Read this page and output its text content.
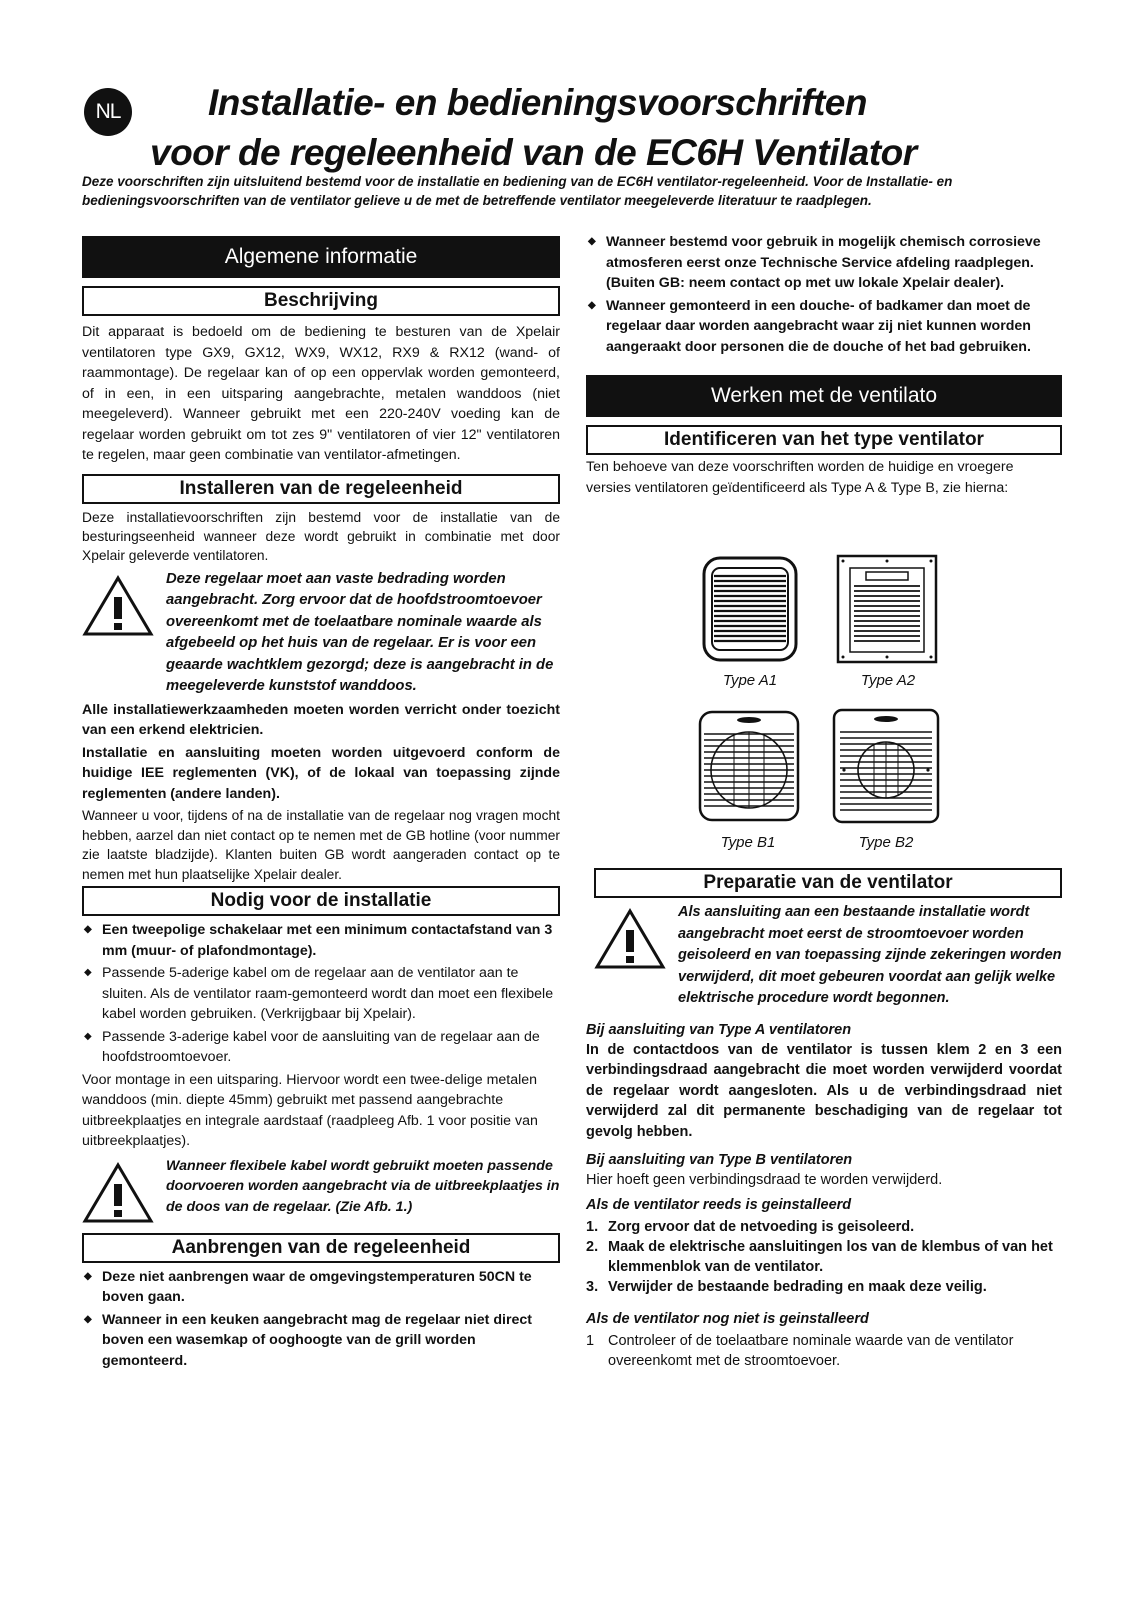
NL	Installatie- en bedieningsvoorschriften
voor de regeleenheid van de EC6H Ventilator
Deze voorschriften zijn uitsluitend bestemd voor de installatie en bediening van de EC6H ventilator-regeleenheid. Voor de Installatie- en bedieningsvoorschriften van de ventilator gelieve u de met de betreffende ventilator meegeleverde literatuur te raadplegen.
Algemene informatie
Beschrijving

Dit apparaat is bedoeld om de bediening te besturen van de Xpelair ventilatoren type GX9, GX12, WX9, WX12, RX9 & RX12 (wand- of raammontage). De regelaar kan of op een oppervlak worden gemonteerd, of in een, in een uitsparing aangebrachte, metalen wanddoos (niet meegeleverd). Wanneer gebruikt met een 220-240V voeding kan de regelaar worden gebruikt om tot zes 9" ventilatoren of vier 12" ventilatoren te regelen, maar geen combinatie van ventilator-afmetingen.

Installeren van de regeleenheid

Deze installatievoorschriften zijn bestemd voor de installatie van de besturingseenheid wanneer deze wordt gebruikt in combinatie met door Xpelair geleverde ventilatoren.

Deze regelaar moet aan vaste bedrading worden aangebracht. Zorg ervoor dat de hoofdstroomtoevoer overeenkomt met de toelaatbare nominale waarde als afgebeeld op het huis van de regelaar. Er is voor een geaarde wachtklem gezorgd; deze is aangebracht in de meegeleverde kunststof wanddoos.

Alle installatiewerkzaamheden moeten worden verricht onder toezicht van een erkend elektricien.

Installatie en aansluiting moeten worden uitgevoerd conform de huidige IEE reglementen (VK), of de lokaal van toepassing zijnde reglementen (andere landen).

Wanneer u voor, tijdens of na de installatie van de regelaar nog vragen mocht hebben, aarzel dan niet contact op te nemen met de GB hotline (voor nummer zie laatste bladzijde). Klanten buiten GB wordt aangeraden contact op te nemen met hun plaatselijke Xpelair dealer.

Nodig voor de installatie
◆ Een tweepolige schakelaar met een minimum contactafstand van 3 mm (muur- of plafondmontage).
◆ Passende 5-aderige kabel om de regelaar aan de ventilator aan te sluiten. Als de ventilator raam-gemonteerd wordt dan moet een flexibele kabel worden gebruiken. (Verkrijgbaar bij Xpelair).
◆ Passende 3-aderige kabel voor de aansluiting van de regelaar aan de hoofdstroomtoevoer.

Voor montage in een uitsparing. Hiervoor wordt een twee-delige metalen wanddoos (min. diepte 45mm) gebruikt met passend aangebrachte uitbreekplaatjes en integrale aardstaaf (raadpleeg Afb. 1 voor positie van uitbreekplaatjes).

Wanneer flexibele kabel wordt gebruikt moeten passende doorvoeren worden aangebracht via de uitbreekplaatjes in de doos van de regelaar. (Zie Afb. 1.)
Aanbrengen van de regeleenheid
◆ Deze niet aanbrengen waar de omgevingstemperaturen 50CN te boven gaan.
◆ Wanneer in een keuken aangebracht mag de regelaar niet direct boven een wasemkap of ooghoogte van de grill worden gemonteerd.
◆ Wanneer bestemd voor gebruik in mogelijk chemisch corrosieve atmosferen eerst onze Technische Service afdeling raadplegen. (Buiten GB: neem contact op met uw lokale Xpelair dealer).
◆ Wanneer gemonteerd in een douche- of badkamer dan moet de regelaar daar worden aangebracht waar zij niet kunnen worden aangeraakt door personen die de douche of het bad gebruiken.
Werken met de ventilato
Identificeren van het type ventilator

Ten behoeve van deze voorschriften worden de huidige en vroegere versies ventilatoren geïdentificeerd als Type A & Type B, zie hierna:

Type A1	Type A2
Type B1	Type B2
Preparatie van de ventilator
Als aansluiting aan een bestaande installatie wordt aangebracht moet eerst de stroomtoevoer worden geisoleerd en van toepassing zijnde zekeringen worden verwijderd, dit moet gebeuren voordat aan gelijk welke elektrische procedure wordt begonnen.
Bij aansluiting van Type A ventilatoren

In de contactdoos van de ventilator is tussen klem 2 en 3 een verbindingsdraad aangebracht die moet worden verwijderd voordat de regelaar wordt aangesloten. Als u de verbindingsdraad niet verwijderd zal dit permanente beschadiging van de regelaar tot gevolg hebben.

Bij aansluiting van Type B ventilatoren

Hier hoeft geen verbindingsdraad te worden verwijderd.

Als de ventilator reeds is geinstalleerd
1. Zorg ervoor dat de netvoeding is geisoleerd.
2. Maak de elektrische aansluitingen los van de klembus of van het klemmenblok van de ventilator.
3. Verwijder de bestaande bedrading en maak deze veilig.
Als de ventilator nog niet is geinstalleerd
1 Controleer of de toelaatbare nominale waarde van de ventilator overeenkomt met de stroomtoevoer.
